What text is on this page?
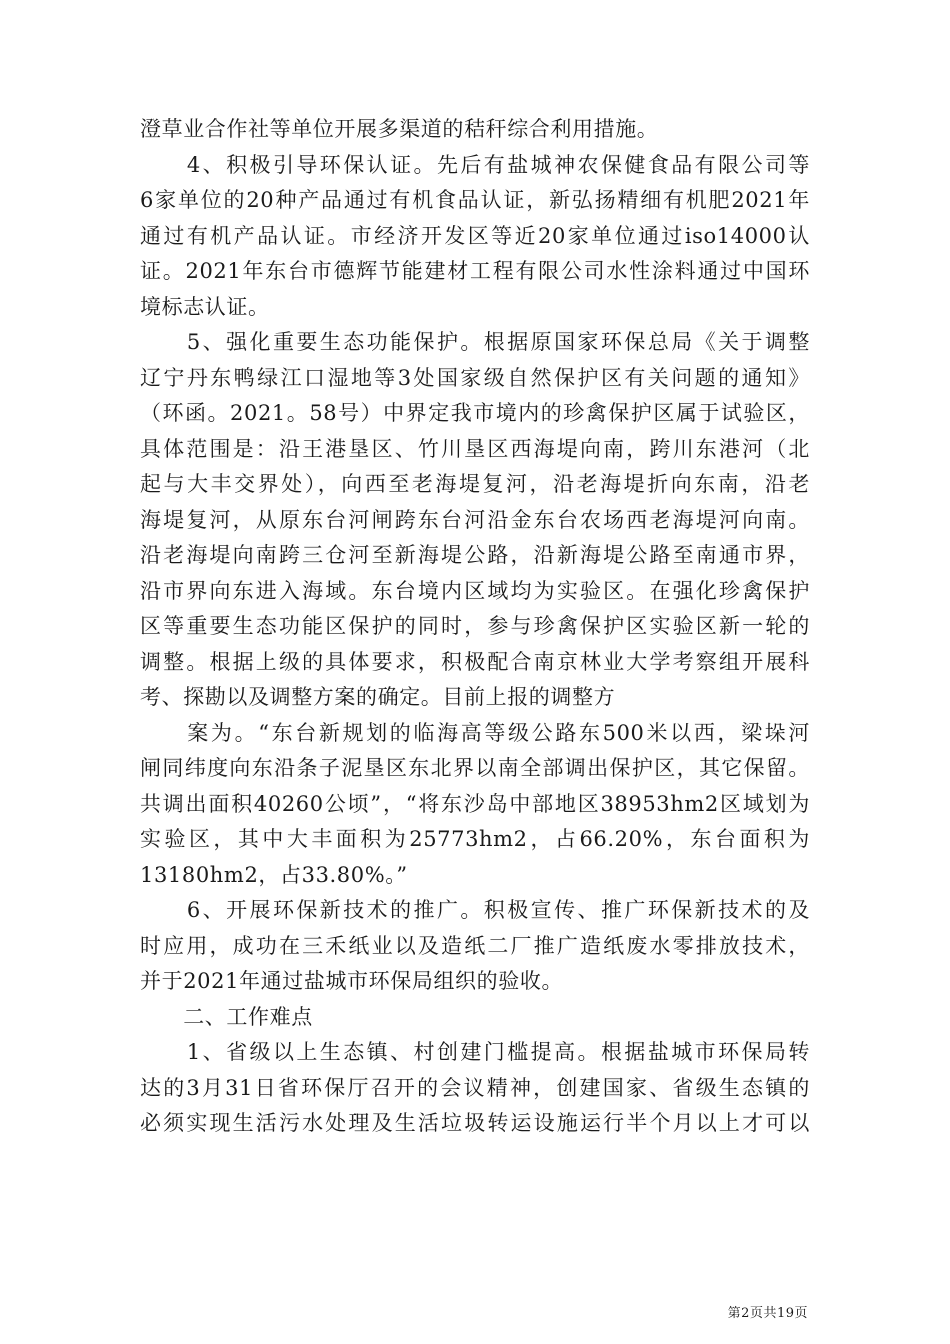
澄草业合作社等单位开展多渠道的秸秆综合利用措施。
　　4、积极引导环保认证。先后有盐城神农保健食品有限公司等
6家单位的20种产品通过有机食品认证，新弘扬精细有机肥2021年
通过有机产品认证。市经济开发区等近20家单位通过iso14000认
证。2021年东台市德辉节能建材工程有限公司水性涂料通过中国环
境标志认证。
　　5、强化重要生态功能保护。根据原国家环保总局《关于调整
辽宁丹东鸭绿江口湿地等3处国家级自然保护区有关问题的通知》
（环函。2021。58号）中界定我市境内的珍禽保护区属于试验区，
具体范围是：沿王港垦区、竹川垦区西海堤向南，跨川东港河（北
起与大丰交界处），向西至老海堤复河，沿老海堤折向东南，沿老
海堤复河，从原东台河闸跨东台河沿金东台农场西老海堤河向南。
沿老海堤向南跨三仓河至新海堤公路，沿新海堤公路至南通市界，
沿市界向东进入海域。东台境内区域均为实验区。在强化珍禽保护
区等重要生态功能区保护的同时，参与珍禽保护区实验区新一轮的
调整。根据上级的具体要求，积极配合南京林业大学考察组开展科
考、探勘以及调整方案的确定。目前上报的调整方
　　案为。“东台新规划的临海高等级公路东500米以西，梁垛河
闸同纬度向东沿条子泥垦区东北界以南全部调出保护区，其它保留。
共调出面积40260公顷”，“将东沙岛中部地区38953hm2区域划为
实验区，其中大丰面积为25773hm2，占66.20%，东台面积为
13180hm2，占33.80%。”
　　6、开展环保新技术的推广。积极宣传、推广环保新技术的及
时应用，成功在三禾纸业以及造纸二厂推广造纸废水零排放技术，
并于2021年通过盐城市环保局组织的验收。
　　二、工作难点
　　1、省级以上生态镇、村创建门槛提高。根据盐城市环保局转
达的3月31日省环保厅召开的会议精神，创建国家、省级生态镇的
必须实现生活污水处理及生活垃圾转运设施运行半个月以上才可以
第2页共19页
